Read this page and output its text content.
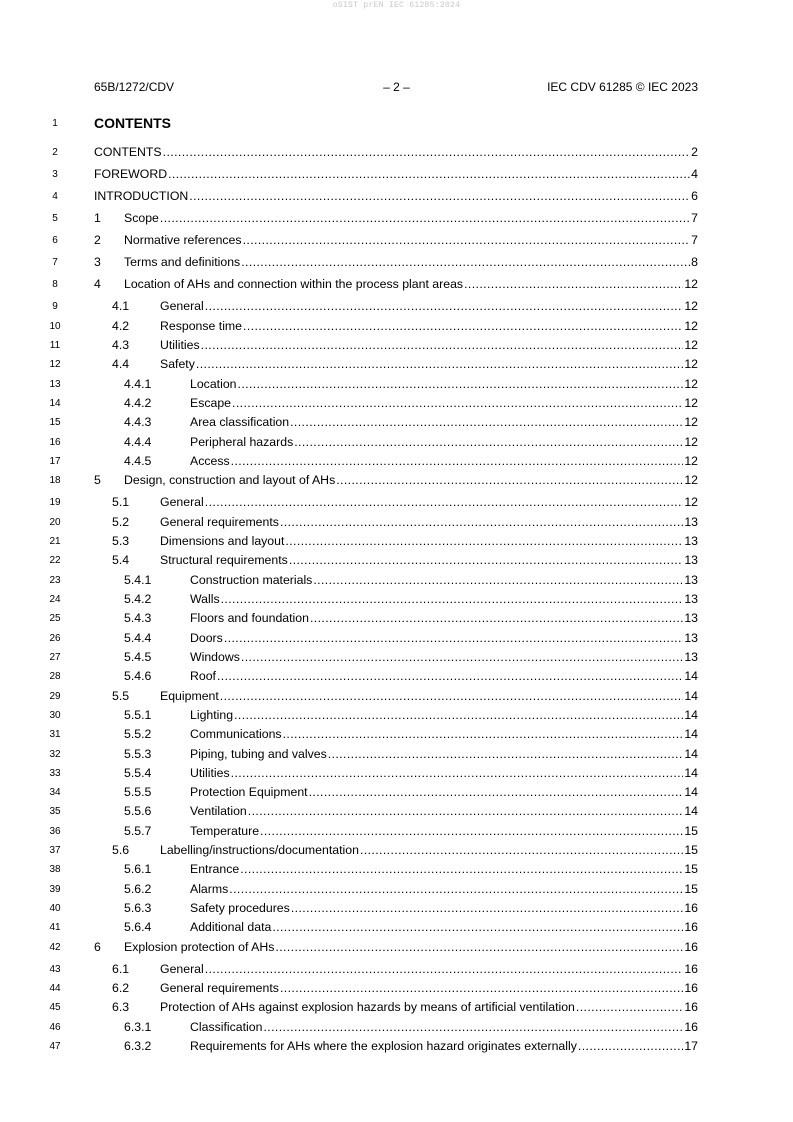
oSIST prEN IEC 61285:2024
65B/1272/CDV	– 2 –	IEC CDV 61285 © IEC 2023
1	CONTENTS
2	CONTENTS .....	2
3	FOREWORD .....	4
4	INTRODUCTION .....	6
5	1	Scope .....	7
6	2	Normative references .....	7
7	3	Terms and definitions .....	8
8	4	Location of AHs and connection within the process plant areas .....	12
9	4.1	General .....	12
10	4.2	Response time .....	12
11	4.3	Utilities .....	12
12	4.4	Safety .....	12
13	4.4.1	Location .....	12
14	4.4.2	Escape .....	12
15	4.4.3	Area classification .....	12
16	4.4.4	Peripheral hazards .....	12
17	4.4.5	Access .....	12
18	5	Design, construction and layout of AHs .....	12
19	5.1	General .....	12
20	5.2	General requirements .....	13
21	5.3	Dimensions and layout .....	13
22	5.4	Structural requirements .....	13
23	5.4.1	Construction materials .....	13
24	5.4.2	Walls .....	13
25	5.4.3	Floors and foundation .....	13
26	5.4.4	Doors .....	13
27	5.4.5	Windows .....	13
28	5.4.6	Roof .....	14
29	5.5	Equipment .....	14
30	5.5.1	Lighting .....	14
31	5.5.2	Communications .....	14
32	5.5.3	Piping, tubing and valves .....	14
33	5.5.4	Utilities .....	14
34	5.5.5	Protection Equipment .....	14
35	5.5.6	Ventilation .....	14
36	5.5.7	Temperature .....	15
37	5.6	Labelling/instructions/documentation .....	15
38	5.6.1	Entrance .....	15
39	5.6.2	Alarms .....	15
40	5.6.3	Safety procedures .....	16
41	5.6.4	Additional data .....	16
42	6	Explosion protection of AHs .....	16
43	6.1	General .....	16
44	6.2	General requirements .....	16
45	6.3	Protection of AHs against explosion hazards by means of artificial ventilation .....	16
46	6.3.1	Classification .....	16
47	6.3.2	Requirements for AHs where the explosion hazard originates externally .....	17
